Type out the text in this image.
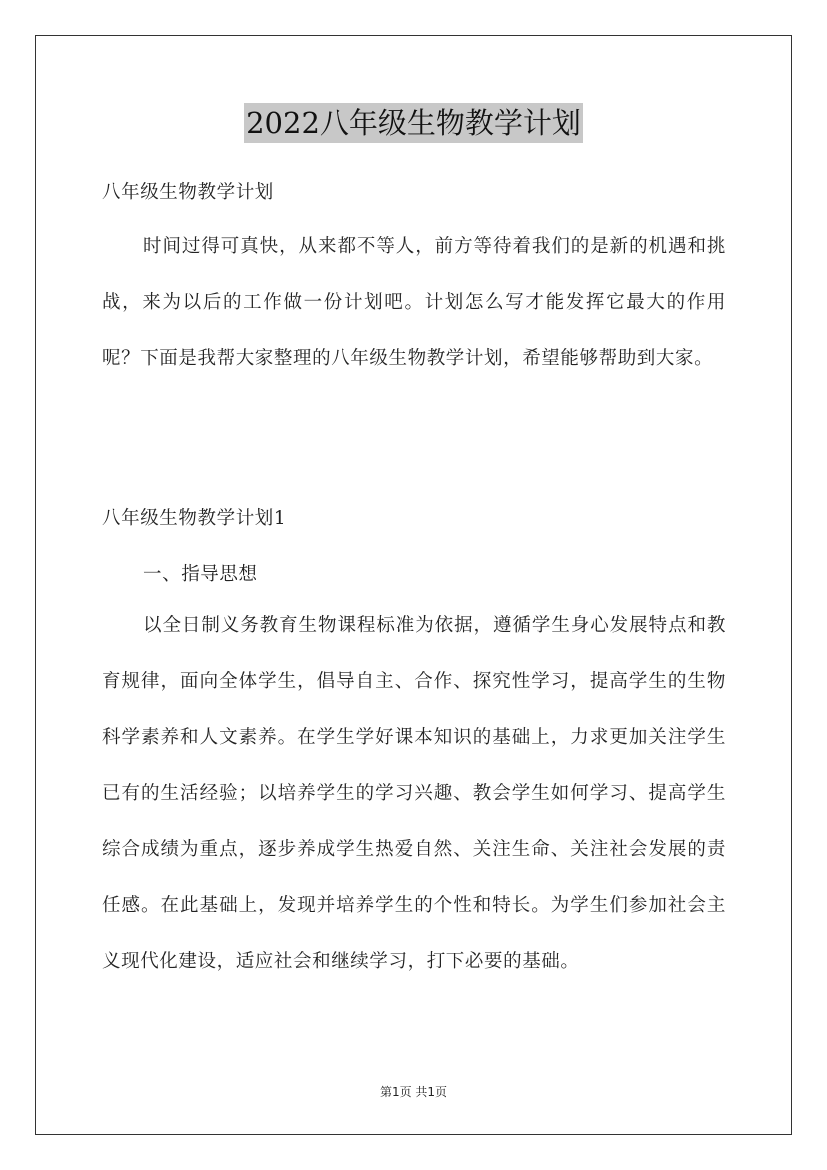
2022八年级生物教学计划
八年级生物教学计划
时间过得可真快，从来都不等人，前方等待着我们的是新的机遇和挑战，来为以后的工作做一份计划吧。计划怎么写才能发挥它最大的作用呢？下面是我帮大家整理的八年级生物教学计划，希望能够帮助到大家。
八年级生物教学计划1
一、指导思想
以全日制义务教育生物课程标准为依据，遵循学生身心发展特点和教育规律，面向全体学生，倡导自主、合作、探究性学习，提高学生的生物科学素养和人文素养。在学生学好课本知识的基础上，力求更加关注学生已有的生活经验；以培养学生的学习兴趣、教会学生如何学习、提高学生综合成绩为重点，逐步养成学生热爱自然、关注生命、关注社会发展的责任感。在此基础上，发现并培养学生的个性和特长。为学生们参加社会主义现代化建设，适应社会和继续学习，打下必要的基础。
第1页 共1页
